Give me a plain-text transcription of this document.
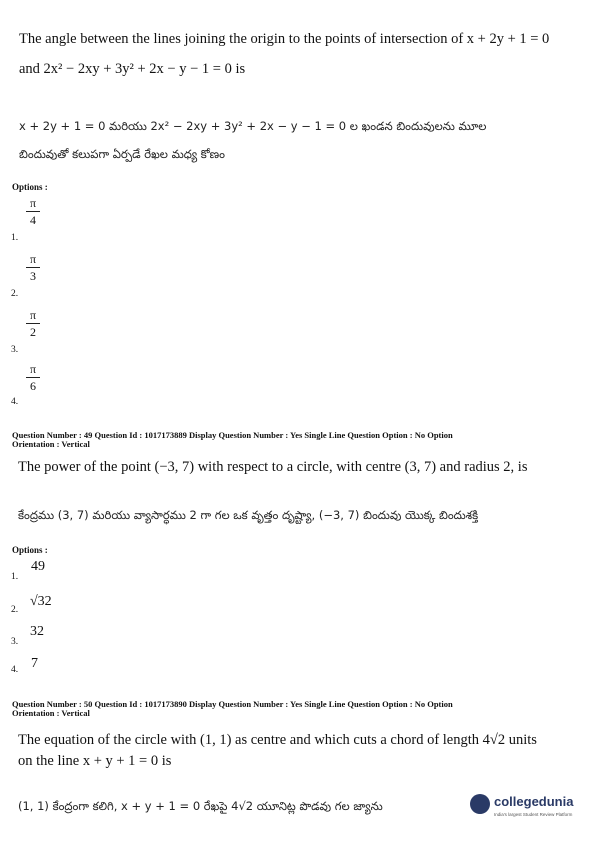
The angle between the lines joining the origin to the points of intersection of x + 2y + 1 = 0
and 2x² − 2xy + 3y² + 2x − y − 1 = 0 is
x + 2y + 1 = 0 మరియు 2x² − 2xy + 3y² + 2x − y − 1 = 0 ల ఖండన బిందువులను మూల
బిందువుతో కలుపగా ఏర్పడే రేఖల మధ్య కోణం
Options :
π
4
1.
π
3
2.
π
2
3.
π
6
4.
Question Number : 49 Question Id : 1017173889 Display Question Number : Yes Single Line Question Option : No Option
Orientation : Vertical
The power of the point (−3, 7) with respect to a circle, with centre (3, 7) and radius 2, is
కేంద్రము (3, 7) మరియు వ్యాసార్ధము 2 గా గల ఒక వృత్తం దృష్ట్యా, (−3, 7) బిందువు యొక్క బిందుశక్తి
Options :
1.
49
2.
√32
3.
32
4. 7
Question Number : 50 Question Id : 1017173890 Display Question Number : Yes Single Line Question Option : No Option
Orientation : Vertical
The equation of the circle with (1, 1) as centre and which cuts a chord of length 4√2 units
on the line x + y + 1 = 0 is
(1, 1) కేంద్రంగా కలిగి, x + y + 1 = 0 రేఖపై 4√2 యూనిట్ల పొడవు గల జ్యాను	collegedunia
India's largest Student Review Platform
